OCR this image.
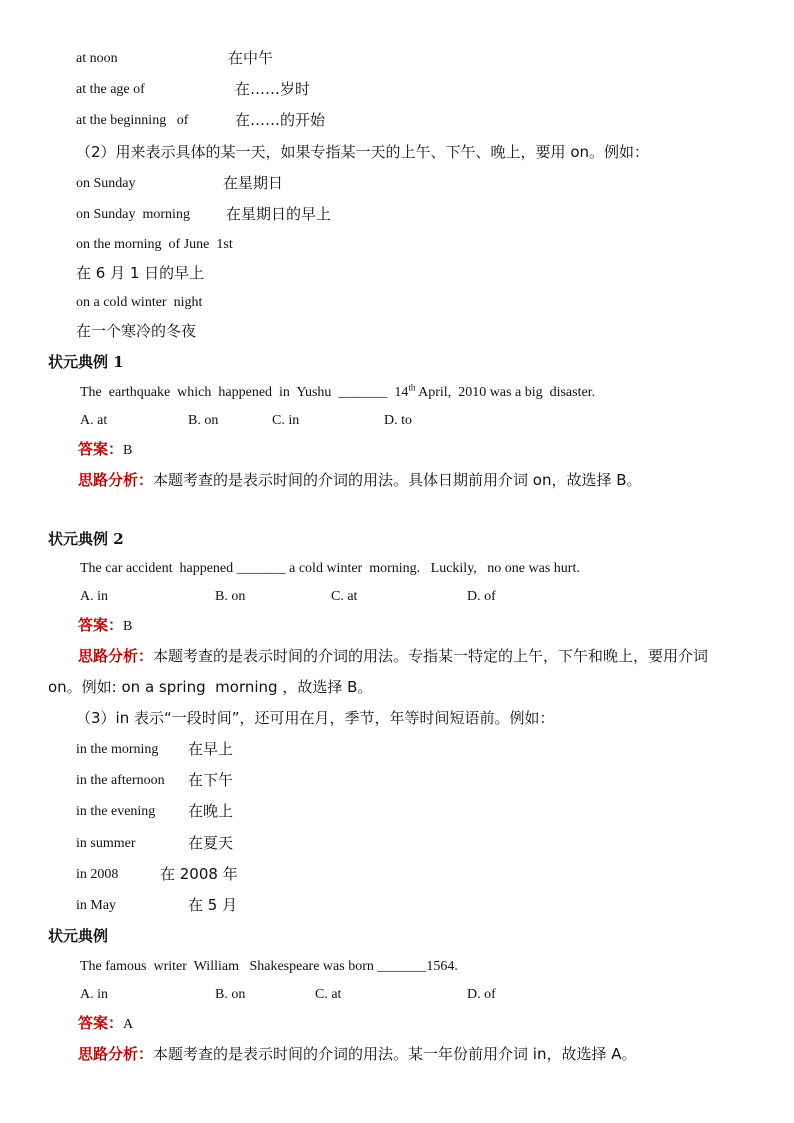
at noon	在中午
at the age of	在……岁时
at the beginning   of	在……的开始
（2）用来表示具体的某一天，如果专指某一天的上午、下午、晚上，要用 on。例如：
on Sunday	在星期日
on Sunday  morning 在星期日的早上
on the morning  of June  1st
在 6 月 1 日的早上
on a cold winter  night
在一个寒冷的冬夜
状元典例 1
The  earthquake  which  happened  in  Yushu  _______  14th April,  2010 was a big  disaster.
A. at	B. on	C. in	D. to
答案：B
思路分析：本题考查的是表示时间的介词的用法。具体日期前用介词 on，故选择 B。
状元典例 2
The car accident  happened _______ a cold winter  morning.   Luckily,   no one was hurt.
A. in	B. on	C. at	D. of
答案：B
思路分析：本题考查的是表示时间的介词的用法。专指某一特定的上午，下午和晚上，要用介词
on。例如: on a spring  morning ，故选择 B。
（3）in 表示“一段时间”，还可用在月，季节，年等时间短语前。例如：
in the morning 在早上
in the afternoon 在下午
in the evening 在晚上
in summer	在夏天
in 2008	在 2008 年
in May	在 5 月
状元典例
The famous  writer  William   Shakespeare was born _______1564.
A. in	B. on	C. at	D. of
答案：A
思路分析：本题考查的是表示时间的介词的用法。某一年份前用介词 in，故选择 A。
